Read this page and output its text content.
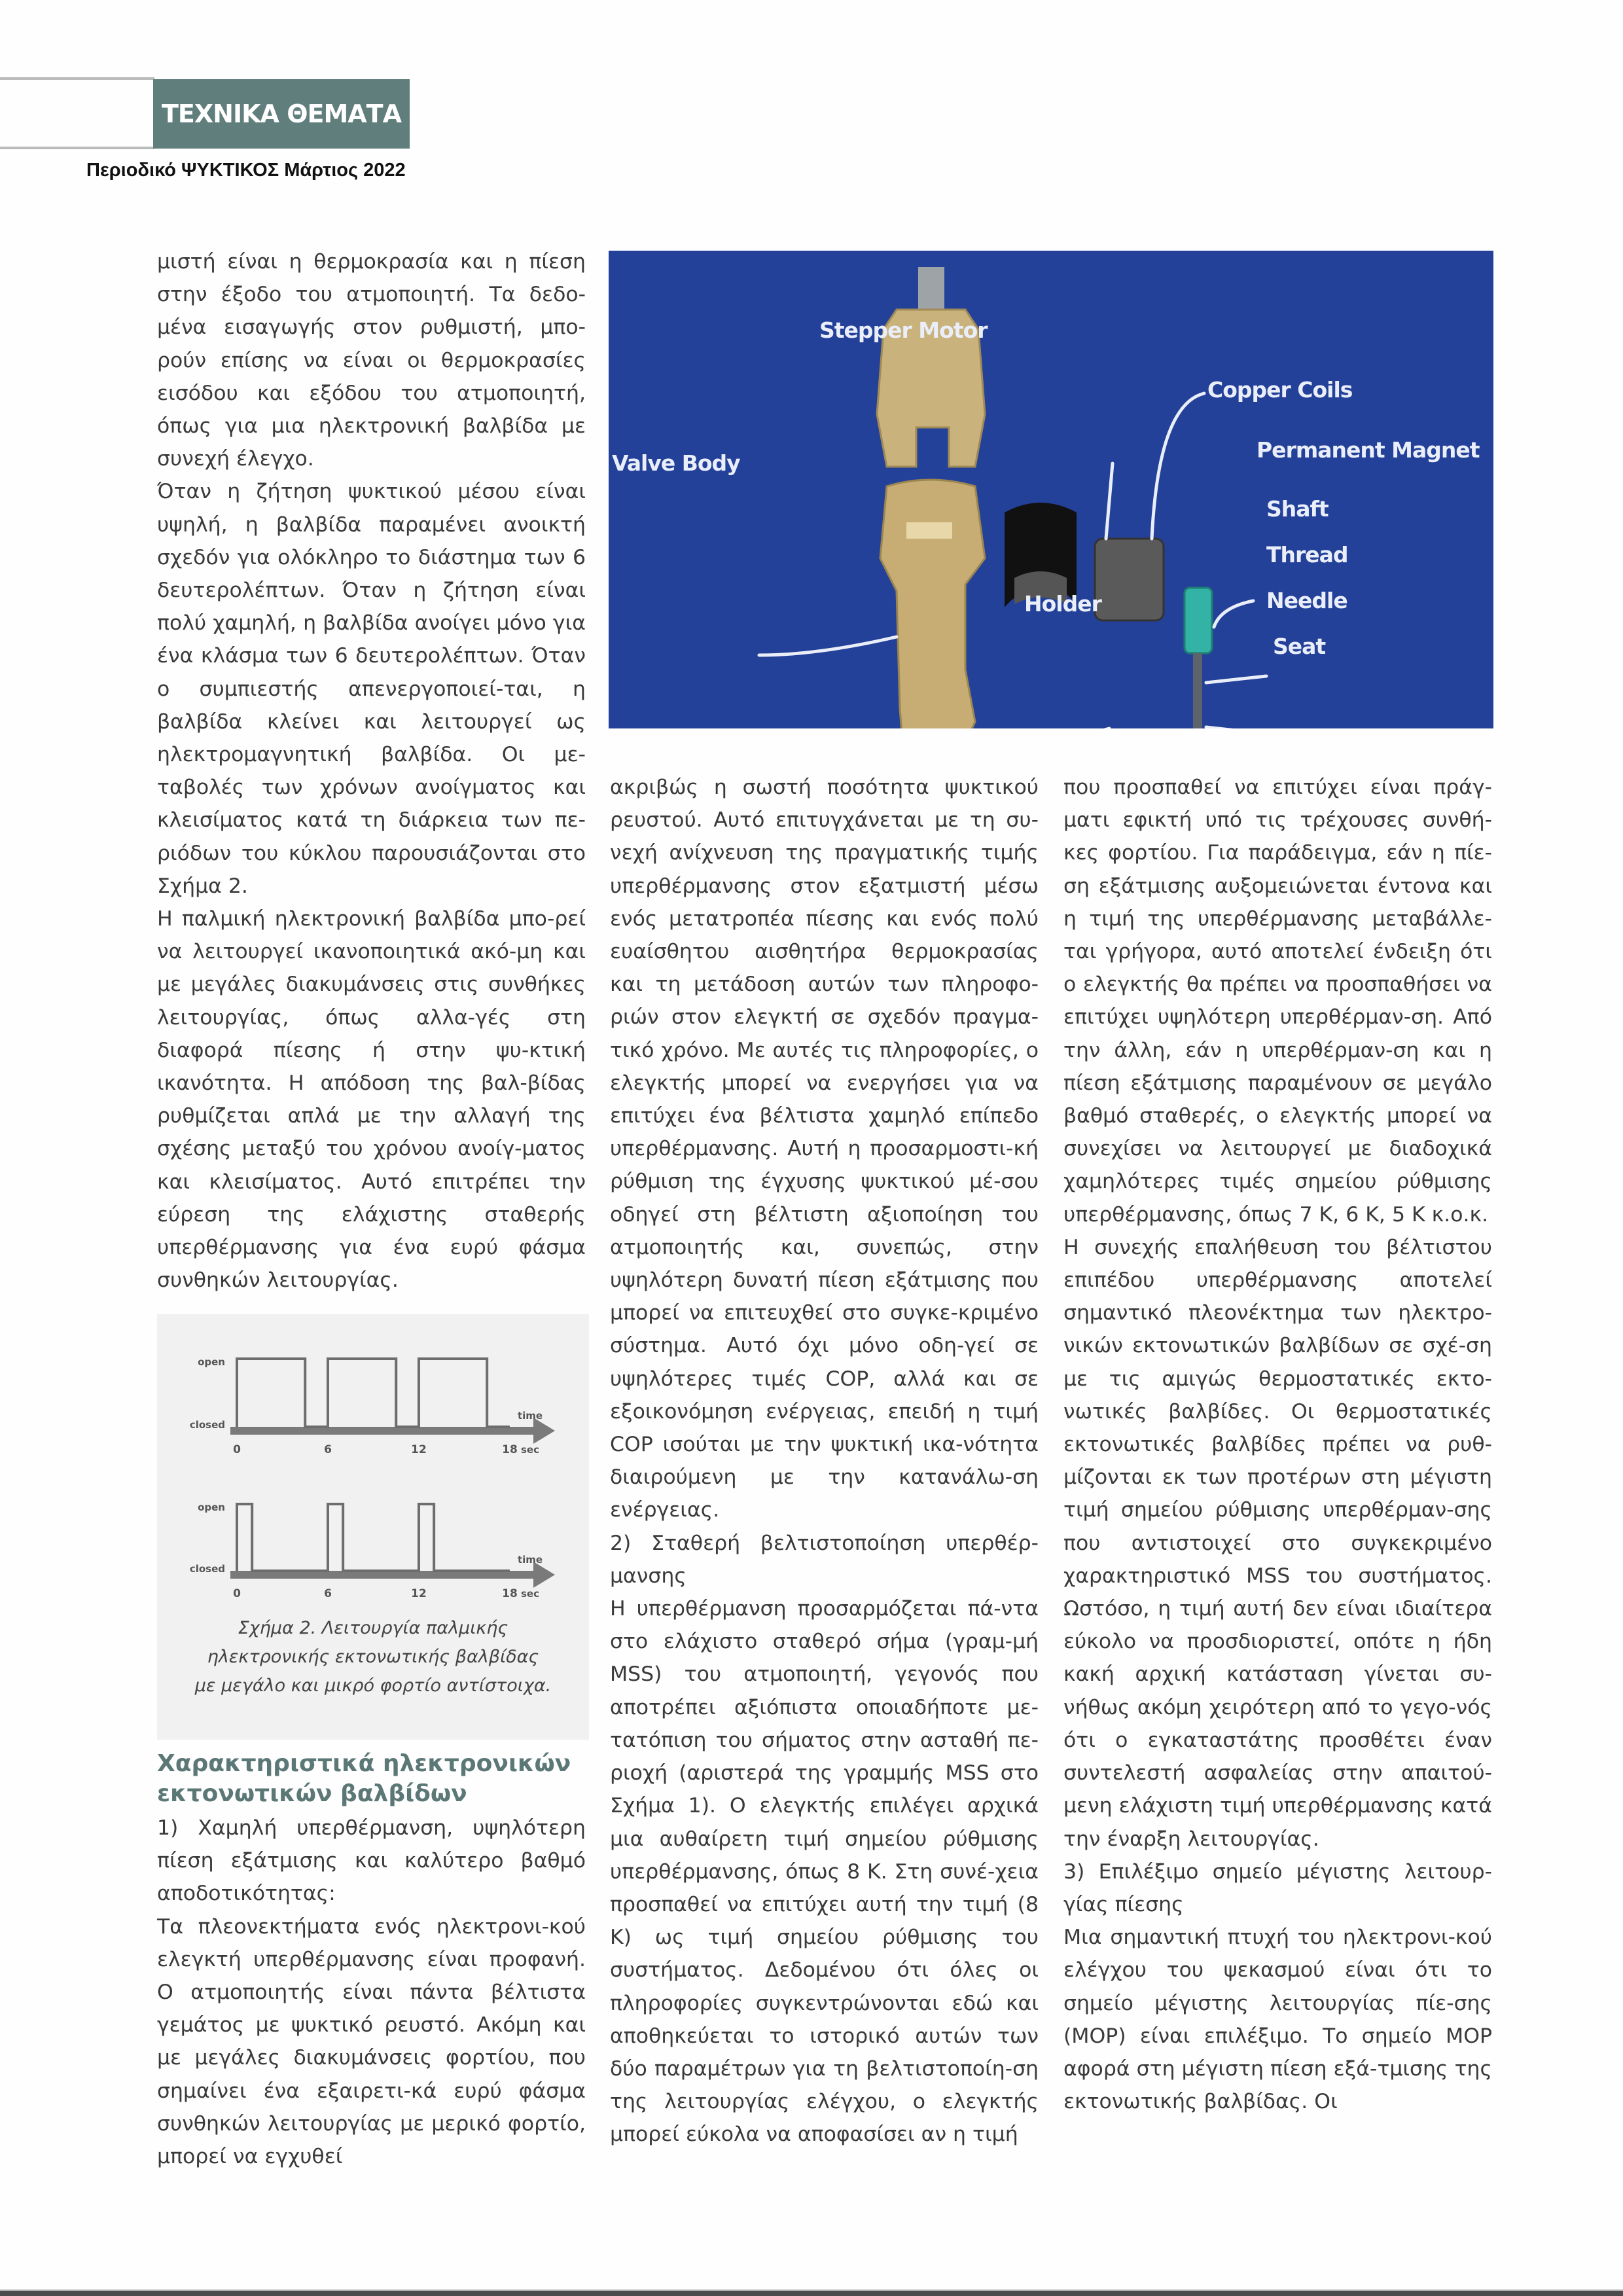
ΤΕΧΝΙΚΑ ΘΕΜΑΤΑ
Περιοδικό ΨΥΚΤΙΚΟΣ Μάρτιος 2022

μιστή είναι η θερμοκρασία και η πίεση στην έξοδο του ατμοποιητή. Τα δεδο-μένα εισαγωγής στον ρυθμιστή, μπο-ρούν επίσης να είναι οι θερμοκρασίες εισόδου και εξόδου του ατμοποιητή, όπως για μια ηλεκτρονική βαλβίδα με συνεχή έλεγχο.

Όταν η ζήτηση ψυκτικού μέσου είναι υψηλή, η βαλβίδα παραμένει ανοικτή σχεδόν για ολόκληρο το διάστημα των 6 δευτερολέπτων. Όταν η ζήτηση είναι πολύ χαμηλή, η βαλβίδα ανοίγει μόνο για ένα κλάσμα των 6 δευτερολέπτων. Όταν ο συμπιεστής απενεργοποιεί-ται, η βαλβίδα κλείνει και λειτουργεί ως ηλεκτρομαγνητική βαλβίδα. Οι με-ταβολές των χρόνων ανοίγματος και κλεισίματος κατά τη διάρκεια των πε-ριόδων του κύκλου παρουσιάζονται στο Σχήμα 2.

Η παλμική ηλεκτρονική βαλβίδα μπο-ρεί να λειτουργεί ικανοποιητικά ακό-μη και με μεγάλες διακυμάνσεις στις συνθήκες λειτουργίας, όπως αλλα-γές στη διαφορά πίεσης ή στην ψυ-κτική ικανότητα. Η απόδοση της βαλ-βίδας ρυθμίζεται απλά με την αλλαγή της σχέσης μεταξύ του χρόνου ανοίγ-ματος και κλεισίματος. Αυτό επιτρέπει την εύρεση της ελάχιστης σταθερής υπερθέρμανσης για ένα ευρύ φάσμα συνθηκών λειτουργίας.

open
closed
time
sec
0	6	12	18
open
closed
time
sec
0	6	12	18
Σχήμα 2. Λειτουργία παλμικής
ηλεκτρονικής εκτονωτικής βαλβίδας
με μεγάλο και μικρό φορτίο αντίστοιχα.
Χαρακτηριστικά ηλεκτρονικών
εκτονωτικών βαλβίδων

1) Χαμηλή υπερθέρμανση, υψηλότερη πίεση εξάτμισης και καλύτερο βαθμό αποδοτικότητας:

Τα πλεονεκτήματα ενός ηλεκτρονι-κού ελεγκτή υπερθέρμανσης είναι προφανή. Ο ατμοποιητής είναι πάντα βέλτιστα γεμάτος με ψυκτικό ρευστό. Ακόμη και με μεγάλες διακυμάνσεις φορτίου, που σημαίνει ένα εξαιρετι-κά ευρύ φάσμα συνθηκών λειτουργίας με μερικό φορτίο, μπορεί να εγχυθεί

Stepper Motor
Copper Coils
Permanent Magnet
Valve Body
Shaft
Thread
Holder	Needle
Seat

ακριβώς η σωστή ποσότητα ψυκτικού ρευστού. Αυτό επιτυγχάνεται με τη συ-νεχή ανίχνευση της πραγματικής τιμής υπερθέρμανσης στον εξατμιστή μέσω ενός μετατροπέα πίεσης και ενός πολύ ευαίσθητου αισθητήρα θερμοκρασίας και τη μετάδοση αυτών των πληροφο-ριών στον ελεγκτή σε σχεδόν πραγμα-τικό χρόνο. Με αυτές τις πληροφορίες, ο ελεγκτής μπορεί να ενεργήσει για να επιτύχει ένα βέλτιστα χαμηλό επίπεδο υπερθέρμανσης. Αυτή η προσαρμοστι-κή ρύθμιση της έγχυσης ψυκτικού μέ-σου οδηγεί στη βέλτιστη αξιοποίηση του ατμοποιητής και, συνεπώς, στην υψηλότερη δυνατή πίεση εξάτμισης που μπορεί να επιτευχθεί στο συγκε-κριμένο σύστημα. Αυτό όχι μόνο οδη-γεί σε υψηλότερες τιμές COP, αλλά και σε εξοικονόμηση ενέργειας, επειδή η τιμή COP ισούται με την ψυκτική ικα-νότητα διαιρούμενη με την κατανάλω-ση ενέργειας.

2) Σταθερή βελτιστοποίηση υπερθέρ-μανσης

Η υπερθέρμανση προσαρμόζεται πά-ντα στο ελάχιστο σταθερό σήμα (γραμ-μή MSS) του ατμοποιητή, γεγονός που αποτρέπει αξιόπιστα οποιαδήποτε με-τατόπιση του σήματος στην ασταθή πε-ριοχή (αριστερά της γραμμής MSS στο Σχήμα 1). Ο ελεγκτής επιλέγει αρχικά μια αυθαίρετη τιμή σημείου ρύθμισης υπερθέρμανσης, όπως 8 K. Στη συνέ-χεια προσπαθεί να επιτύχει αυτή την τιμή (8 K) ως τιμή σημείου ρύθμισης του συστήματος. Δεδομένου ότι όλες οι πληροφορίες συγκεντρώνονται εδώ και αποθηκεύεται το ιστορικό αυτών των δύο παραμέτρων για τη βελτιστοποίη-ση της λειτουργίας ελέγχου, ο ελεγκτής μπορεί εύκολα να αποφασίσει αν η τιμή

που προσπαθεί να επιτύχει είναι πράγ-ματι εφικτή υπό τις τρέχουσες συνθή-κες φορτίου. Για παράδειγμα, εάν η πίε-ση εξάτμισης αυξομειώνεται έντονα και η τιμή της υπερθέρμανσης μεταβάλλε-ται γρήγορα, αυτό αποτελεί ένδειξη ότι ο ελεγκτής θα πρέπει να προσπαθήσει να επιτύχει υψηλότερη υπερθέρμαν-ση. Από την άλλη, εάν η υπερθέρμαν-ση και η πίεση εξάτμισης παραμένουν σε μεγάλο βαθμό σταθερές, ο ελεγκτής μπορεί να συνεχίσει να λειτουργεί με διαδοχικά χαμηλότερες τιμές σημείου ρύθμισης υπερθέρμανσης, όπως 7 K, 6 K, 5 K κ.ο.κ.

Η συνεχής επαλήθευση του βέλτιστου επιπέδου υπερθέρμανσης αποτελεί σημαντικό πλεονέκτημα των ηλεκτρο-νικών εκτονωτικών βαλβίδων σε σχέ-ση με τις αμιγώς θερμοστατικές εκτο-νωτικές βαλβίδες. Οι θερμοστατικές εκτονωτικές βαλβίδες πρέπει να ρυθ-μίζονται εκ των προτέρων στη μέγιστη τιμή σημείου ρύθμισης υπερθέρμαν-σης που αντιστοιχεί στο συγκεκριμένο χαρακτηριστικό MSS του συστήματος. Ωστόσο, η τιμή αυτή δεν είναι ιδιαίτερα εύκολο να προσδιοριστεί, οπότε η ήδη κακή αρχική κατάσταση γίνεται συ-νήθως ακόμη χειρότερη από το γεγο-νός ότι ο εγκαταστάτης προσθέτει έναν συντελεστή ασφαλείας στην απαιτού-μενη ελάχιστη τιμή υπερθέρμανσης κατά την έναρξη λειτουργίας.

3) Επιλέξιμο σημείο μέγιστης λειτουρ-γίας πίεσης

Μια σημαντική πτυχή του ηλεκτρονι-κού ελέγχου του ψεκασμού είναι ότι το σημείο μέγιστης λειτουργίας πίε-σης (MOP) είναι επιλέξιμο. Το σημείο MOP αφορά στη μέγιστη πίεση εξά-τμισης της εκτονωτικής βαλβίδας. Οι
